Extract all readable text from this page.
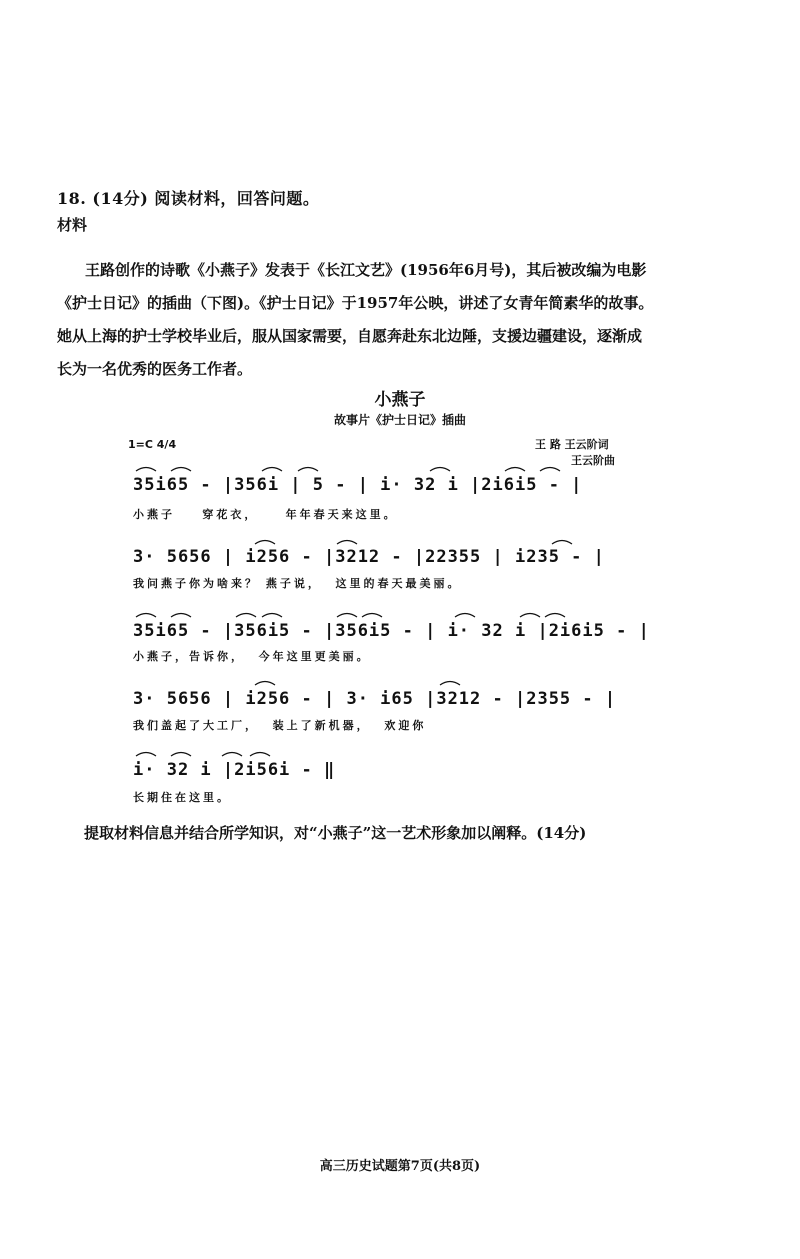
18. (14分) 阅读材料，回答问题。
材料

王路创作的诗歌《小燕子》发表于《长江文艺》(1956年6月号)，其后被改编为电影

《护士日记》的插曲（下图)。《护士日记》于1957年公映，讲述了女青年简素华的故事。

她从上海的护士学校毕业后，服从国家需要，自愿奔赴东北边陲，支援边疆建设，逐渐成

长为一名优秀的医务工作者。

小燕子
故事片《护士日记》插曲
1=C 4/4	王 路 王云阶词
王云阶曲
35i65 - |356i | 5 - | i· 32 i |2i6i5 - |
小燕子    穿花衣，    年年春天来这里。
3· 5656 | i256 - |3212 - |22355 | i235 - |
我问燕子你为啥来？ 燕子说，  这里的春天最美丽。
35i65 - |356i5 - |356i5 - | i· 32 i |2i6i5 - |
小燕子，告诉你，  今年这里更美丽。
3· 5656 | i256 - | 3· i65 |3212 - |2355 - |
我们盖起了大工厂，  装上了新机器，  欢迎你
i· 32 i |2i56i - ‖
长期住在这里。
提取材料信息并结合所学知识，对“小燕子”这一艺术形象加以阐释。(14分)
高三历史试题第7页(共8页)
